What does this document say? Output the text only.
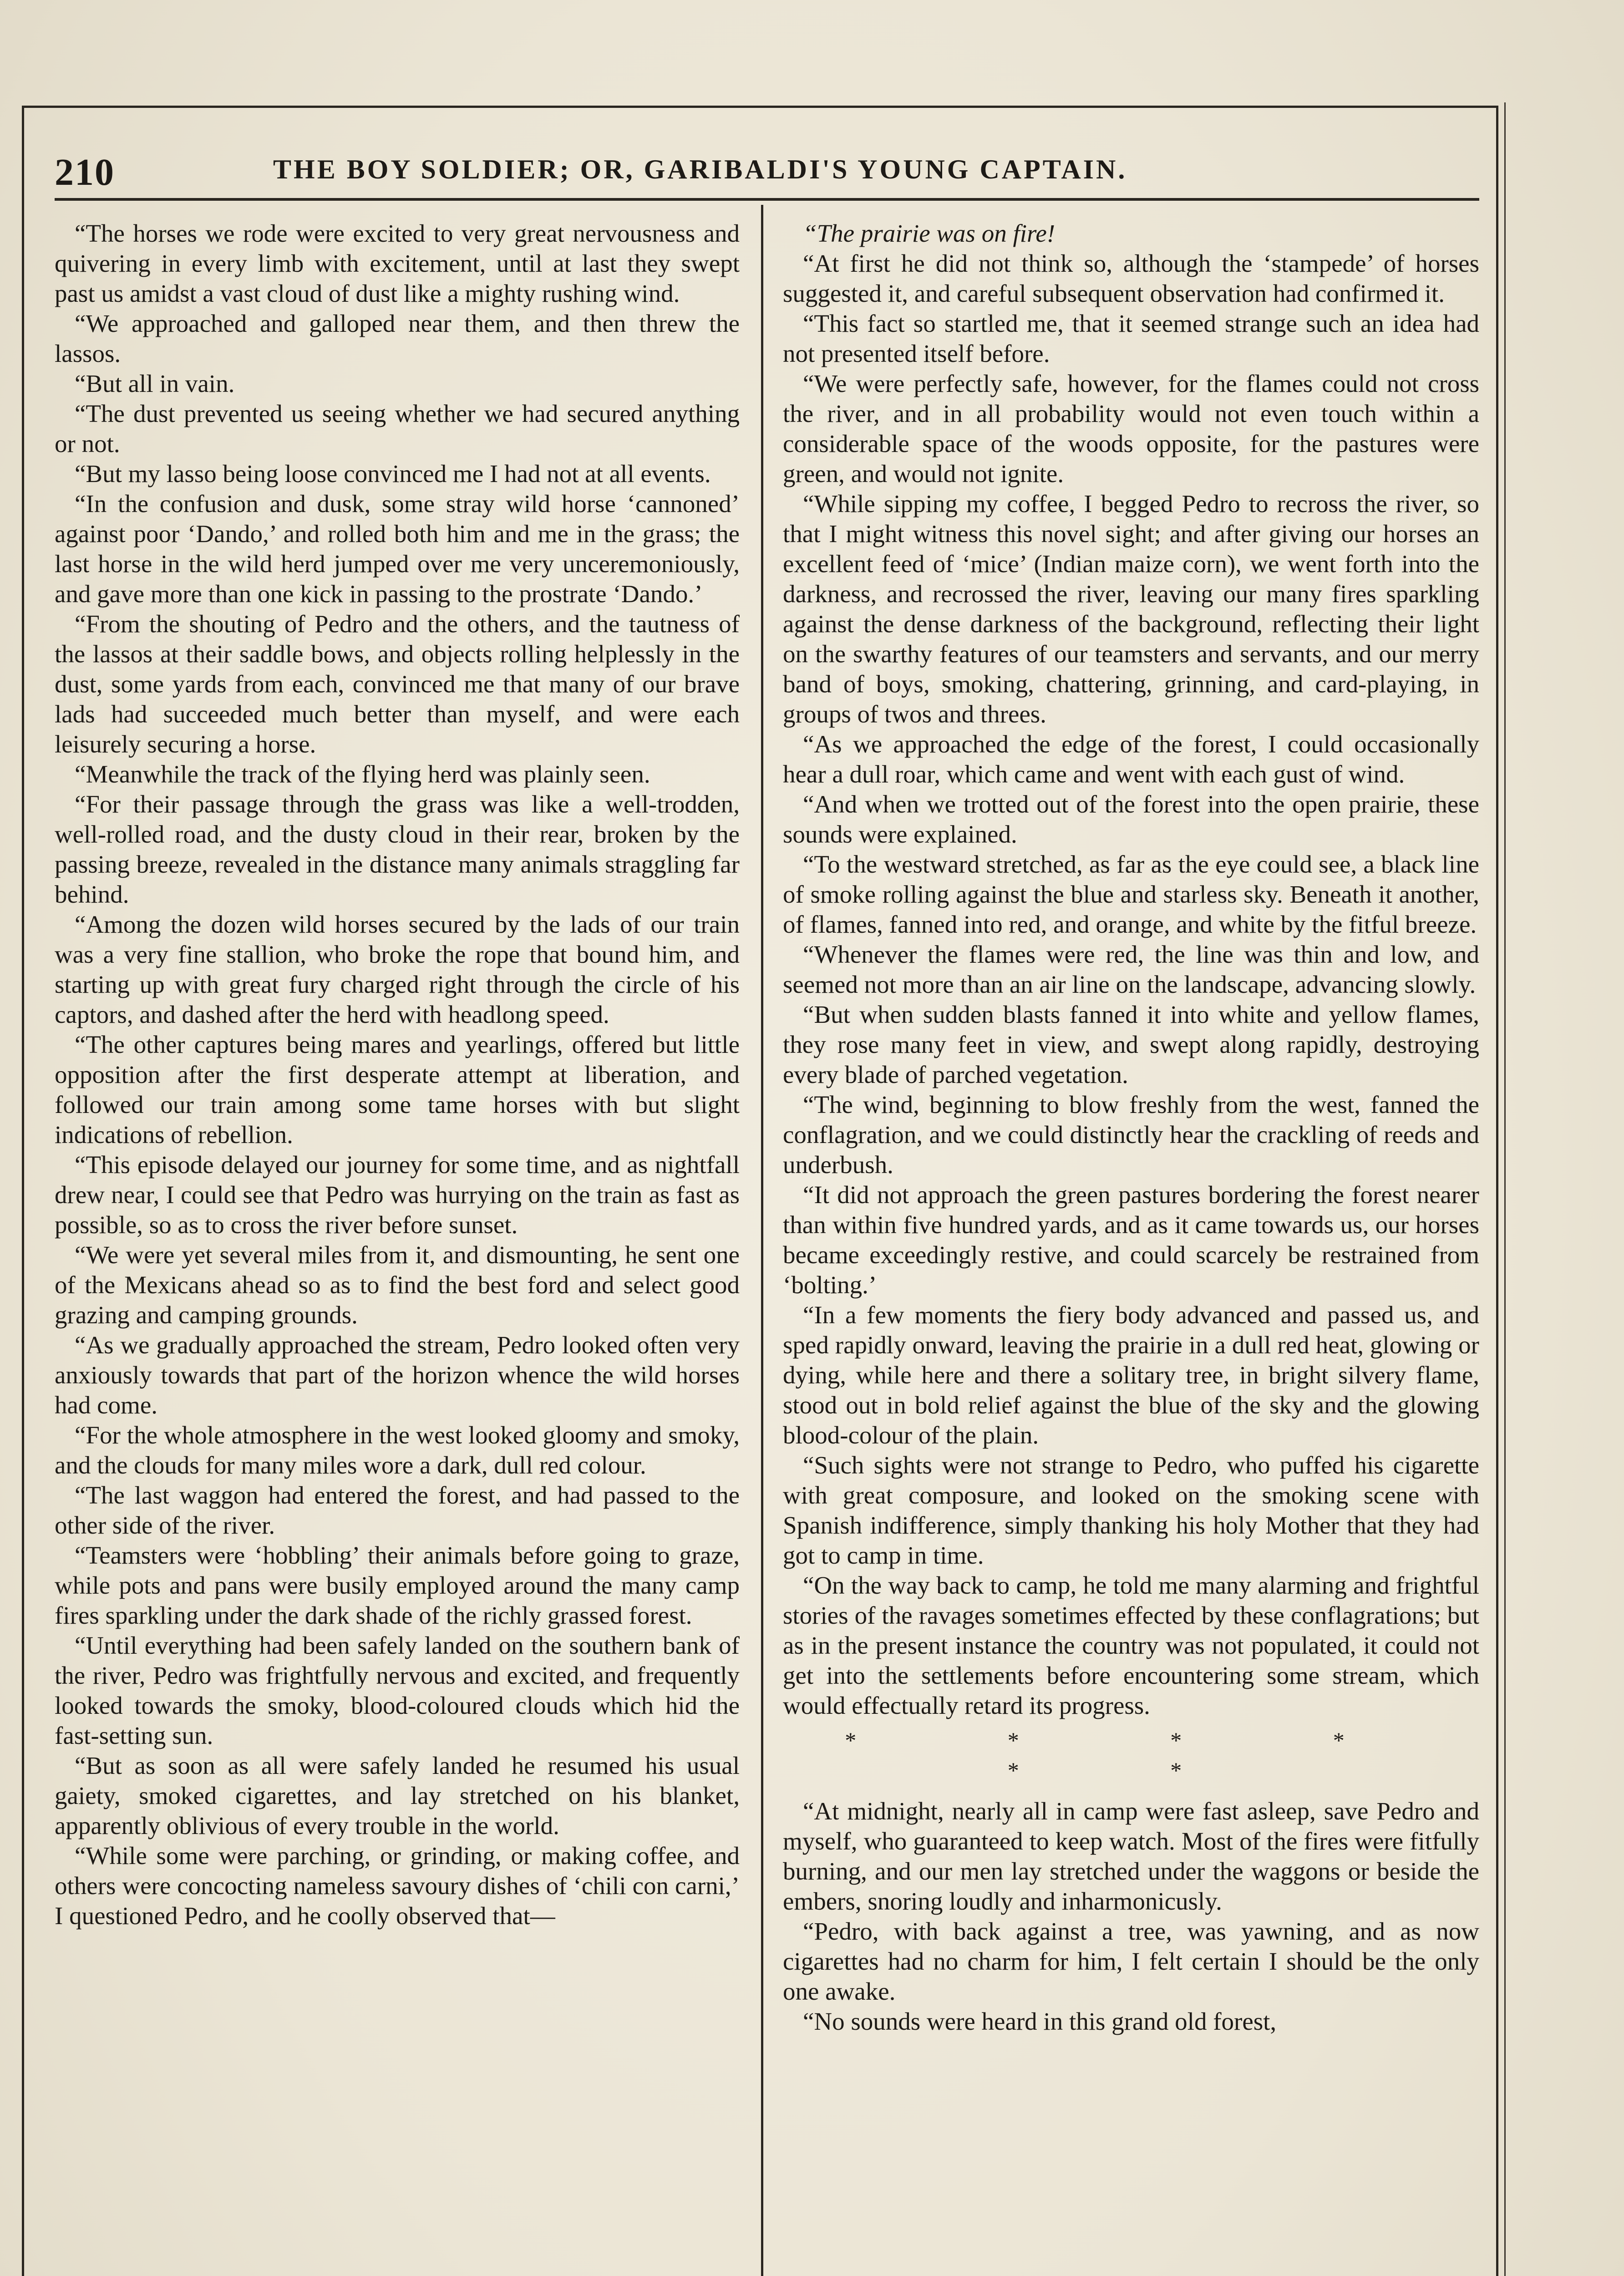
210	THE BOY SOLDIER; OR, GARIBALDI'S YOUNG CAPTAIN.

“The horses we rode were excited to very great nervousness and quivering in every limb with excitement, until at last they swept past us amidst a vast cloud of dust like a mighty rushing wind.

“We approached and galloped near them, and then threw the lassos.

“But all in vain.

“The dust prevented us seeing whether we had secured anything or not.

“But my lasso being loose convinced me I had not at all events.

“In the confusion and dusk, some stray wild horse ‘cannoned’ against poor ‘Dando,’ and rolled both him and me in the grass; the last horse in the wild herd jumped over me very unceremoniously, and gave more than one kick in passing to the prostrate ‘Dando.’

“From the shouting of Pedro and the others, and the tautness of the lassos at their saddle bows, and objects rolling helplessly in the dust, some yards from each, convinced me that many of our brave lads had succeeded much better than myself, and were each leisurely securing a horse.

“Meanwhile the track of the flying herd was plainly seen.

“For their passage through the grass was like a well-trodden, well-rolled road, and the dusty cloud in their rear, broken by the passing breeze, revealed in the distance many animals straggling far behind.

“Among the dozen wild horses secured by the lads of our train was a very fine stallion, who broke the rope that bound him, and starting up with great fury charged right through the circle of his captors, and dashed after the herd with headlong speed.

“The other captures being mares and yearlings, offered but little opposition after the first desperate attempt at liberation, and followed our train among some tame horses with but slight indications of rebellion.

“This episode delayed our journey for some time, and as nightfall drew near, I could see that Pedro was hurrying on the train as fast as possible, so as to cross the river before sunset.

“We were yet several miles from it, and dismounting, he sent one of the Mexicans ahead so as to find the best ford and select good grazing and camping grounds.

“As we gradually approached the stream, Pedro looked often very anxiously towards that part of the horizon whence the wild horses had come.

“For the whole atmosphere in the west looked gloomy and smoky, and the clouds for many miles wore a dark, dull red colour.

“The last waggon had entered the forest, and had passed to the other side of the river.

“Teamsters were ‘hobbling’ their animals before going to graze, while pots and pans were busily employed around the many camp fires sparkling under the dark shade of the richly grassed forest.

“Until everything had been safely landed on the southern bank of the river, Pedro was frightfully nervous and excited, and frequently looked towards the smoky, blood-coloured clouds which hid the fast-setting sun.

“But as soon as all were safely landed he resumed his usual gaiety, smoked cigarettes, and lay stretched on his blanket, apparently oblivious of every trouble in the world.

“While some were parching, or grinding, or making coffee, and others were concocting nameless savoury dishes of ‘chili con carni,’ I questioned Pedro, and he coolly observed that—

“The prairie was on fire!

“At first he did not think so, although the ‘stampede’ of horses suggested it, and careful subsequent observation had confirmed it.

“This fact so startled me, that it seemed strange such an idea had not presented itself before.

“We were perfectly safe, however, for the flames could not cross the river, and in all probability would not even touch within a considerable space of the woods opposite, for the pastures were green, and would not ignite.

“While sipping my coffee, I begged Pedro to recross the river, so that I might witness this novel sight; and after giving our horses an excellent feed of ‘mice’ (Indian maize corn), we went forth into the darkness, and recrossed the river, leaving our many fires sparkling against the dense darkness of the background, reflecting their light on the swarthy features of our teamsters and servants, and our merry band of boys, smoking, chattering, grinning, and card-playing, in groups of twos and threes.

“As we approached the edge of the forest, I could occasionally hear a dull roar, which came and went with each gust of wind.

“And when we trotted out of the forest into the open prairie, these sounds were explained.

“To the westward stretched, as far as the eye could see, a black line of smoke rolling against the blue and starless sky. Beneath it another, of flames, fanned into red, and orange, and white by the fitful breeze.

“Whenever the flames were red, the line was thin and low, and seemed not more than an air line on the landscape, advancing slowly.

“But when sudden blasts fanned it into white and yellow flames, they rose many feet in view, and swept along rapidly, destroying every blade of parched vegetation.

“The wind, beginning to blow freshly from the west, fanned the conflagration, and we could distinctly hear the crackling of reeds and underbush.

“It did not approach the green pastures bordering the forest nearer than within five hundred yards, and as it came towards us, our horses became exceedingly restive, and could scarcely be restrained from ‘bolting.’

“In a few moments the fiery body advanced and passed us, and sped rapidly onward, leaving the prairie in a dull red heat, glowing or dying, while here and there a solitary tree, in bright silvery flame, stood out in bold relief against the blue of the sky and the glowing blood-colour of the plain.

“Such sights were not strange to Pedro, who puffed his cigarette with great composure, and looked on the smoking scene with Spanish indifference, simply thanking his holy Mother that they had got to camp in time.

“On the way back to camp, he told me many alarming and frightful stories of the ravages sometimes effected by these conflagrations; but as in the present instance the country was not populated, it could not get into the settlements before encountering some stream, which would effectually retard its progress.

* * * * * *

“At midnight, nearly all in camp were fast asleep, save Pedro and myself, who guaranteed to keep watch. Most of the fires were fitfully burning, and our men lay stretched under the waggons or beside the embers, snoring loudly and inharmonicusly.

“Pedro, with back against a tree, was yawning, and as now cigarettes had no charm for him, I felt certain I should be the only one awake.

“No sounds were heard in this grand old forest,
